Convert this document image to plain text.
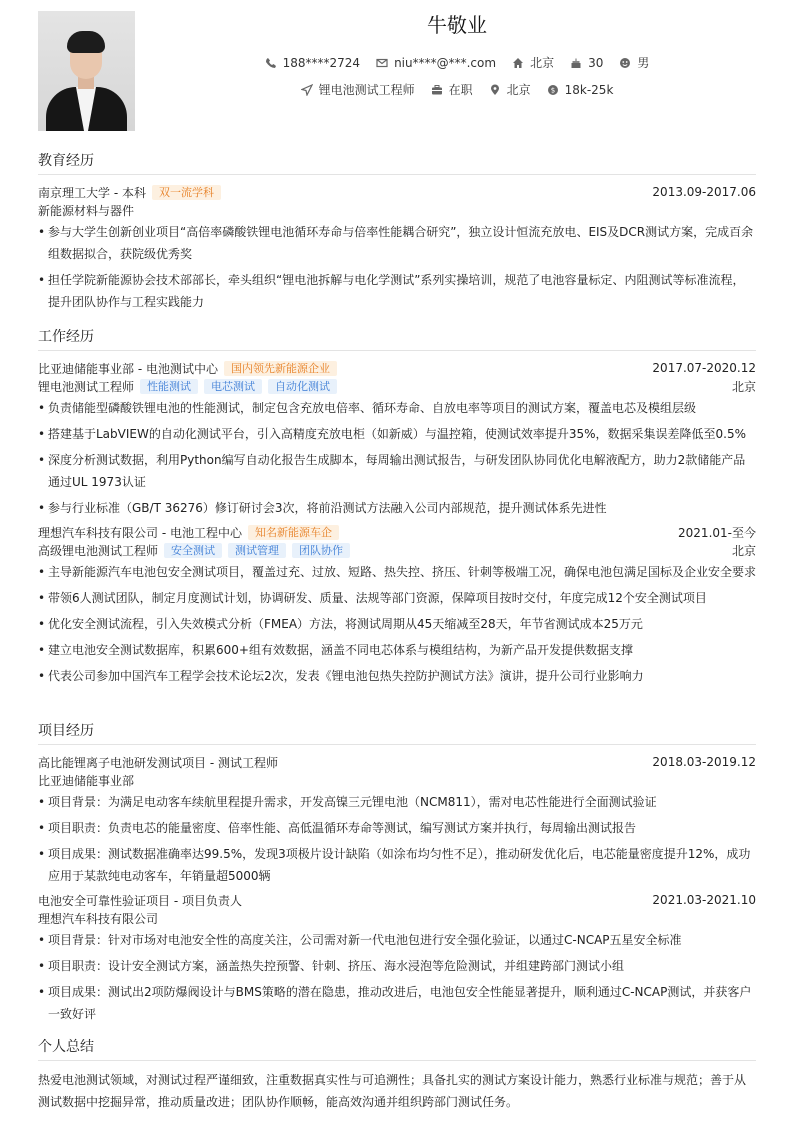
牛敬业
188****2724	niu****@***.com	北京	30	男
锂电池测试工程师	在职	北京	$ 18k-25k
教育经历
南京理工大学 - 本科	双一流学科	2013.09-2017.06
新能源材料与器件
• 参与大学生创新创业项目“高倍率磷酸铁锂电池循环寿命与倍率性能耦合研究”，独立设计恒流充放电、EIS及DCR测试方案，完成百余组数据拟合，获院级优秀奖
• 担任学院新能源协会技术部部长，牵头组织“锂电池拆解与电化学测试”系列实操培训，规范了电池容量标定、内阻测试等标准流程，提升团队协作与工程实践能力
工作经历
比亚迪储能事业部 - 电池测试中心	国内领先新能源企业	2017.07-2020.12
锂电池测试工程师	性能测试	电芯测试	自动化测试	北京
• 负责储能型磷酸铁锂电池的性能测试，制定包含充放电倍率、循环寿命、自放电率等项目的测试方案，覆盖电芯及模组层级
• 搭建基于LabVIEW的自动化测试平台，引入高精度充放电柜（如新威）与温控箱，使测试效率提升35%，数据采集误差降低至0.5%
• 深度分析测试数据，利用Python编写自动化报告生成脚本，每周输出测试报告，与研发团队协同优化电解液配方，助力2款储能产品通过UL 1973认证
• 参与行业标准（GB/T 36276）修订研讨会3次，将前沿测试方法融入公司内部规范，提升测试体系先进性
理想汽车科技有限公司 - 电池工程中心	知名新能源车企	2021.01-至今
高级锂电池测试工程师	安全测试	测试管理	团队协作	北京
• 主导新能源汽车电池包安全测试项目，覆盖过充、过放、短路、热失控、挤压、针刺等极端工况，确保电池包满足国标及企业安全要求
• 带领6人测试团队，制定月度测试计划，协调研发、质量、法规等部门资源，保障项目按时交付，年度完成12个安全测试项目
• 优化安全测试流程，引入失效模式分析（FMEA）方法，将测试周期从45天缩减至28天，年节省测试成本25万元
• 建立电池安全测试数据库，积累600+组有效数据，涵盖不同电芯体系与模组结构，为新产品开发提供数据支撑
• 代表公司参加中国汽车工程学会技术论坛2次，发表《锂电池包热失控防护测试方法》演讲，提升公司行业影响力
项目经历
高比能锂离子电池研发测试项目 - 测试工程师	2018.03-2019.12
比亚迪储能事业部
• 项目背景：为满足电动客车续航里程提升需求，开发高镍三元锂电池（NCM811），需对电芯性能进行全面测试验证
• 项目职责：负责电芯的能量密度、倍率性能、高低温循环寿命等测试，编写测试方案并执行，每周输出测试报告
• 项目成果：测试数据准确率达99.5%，发现3项极片设计缺陷（如涂布均匀性不足），推动研发优化后，电芯能量密度提升12%，成功应用于某款纯电动客车，年销量超5000辆
电池安全可靠性验证项目 - 项目负责人	2021.03-2021.10
理想汽车科技有限公司
• 项目背景：针对市场对电池安全性的高度关注，公司需对新一代电池包进行安全强化验证，以通过C-NCAP五星安全标准
• 项目职责：设计安全测试方案，涵盖热失控预警、针刺、挤压、海水浸泡等危险测试，并组建跨部门测试小组
• 项目成果：测试出2项防爆阀设计与BMS策略的潜在隐患，推动改进后，电池包安全性能显著提升，顺利通过C-NCAP测试，并获客户一致好评
个人总结
热爱电池测试领域，对测试过程严谨细致，注重数据真实性与可追溯性；具备扎实的测试方案设计能力，熟悉行业标准与规范；善于从测试数据中挖掘异常，推动质量改进；团队协作顺畅，能高效沟通并组织跨部门测试任务。
